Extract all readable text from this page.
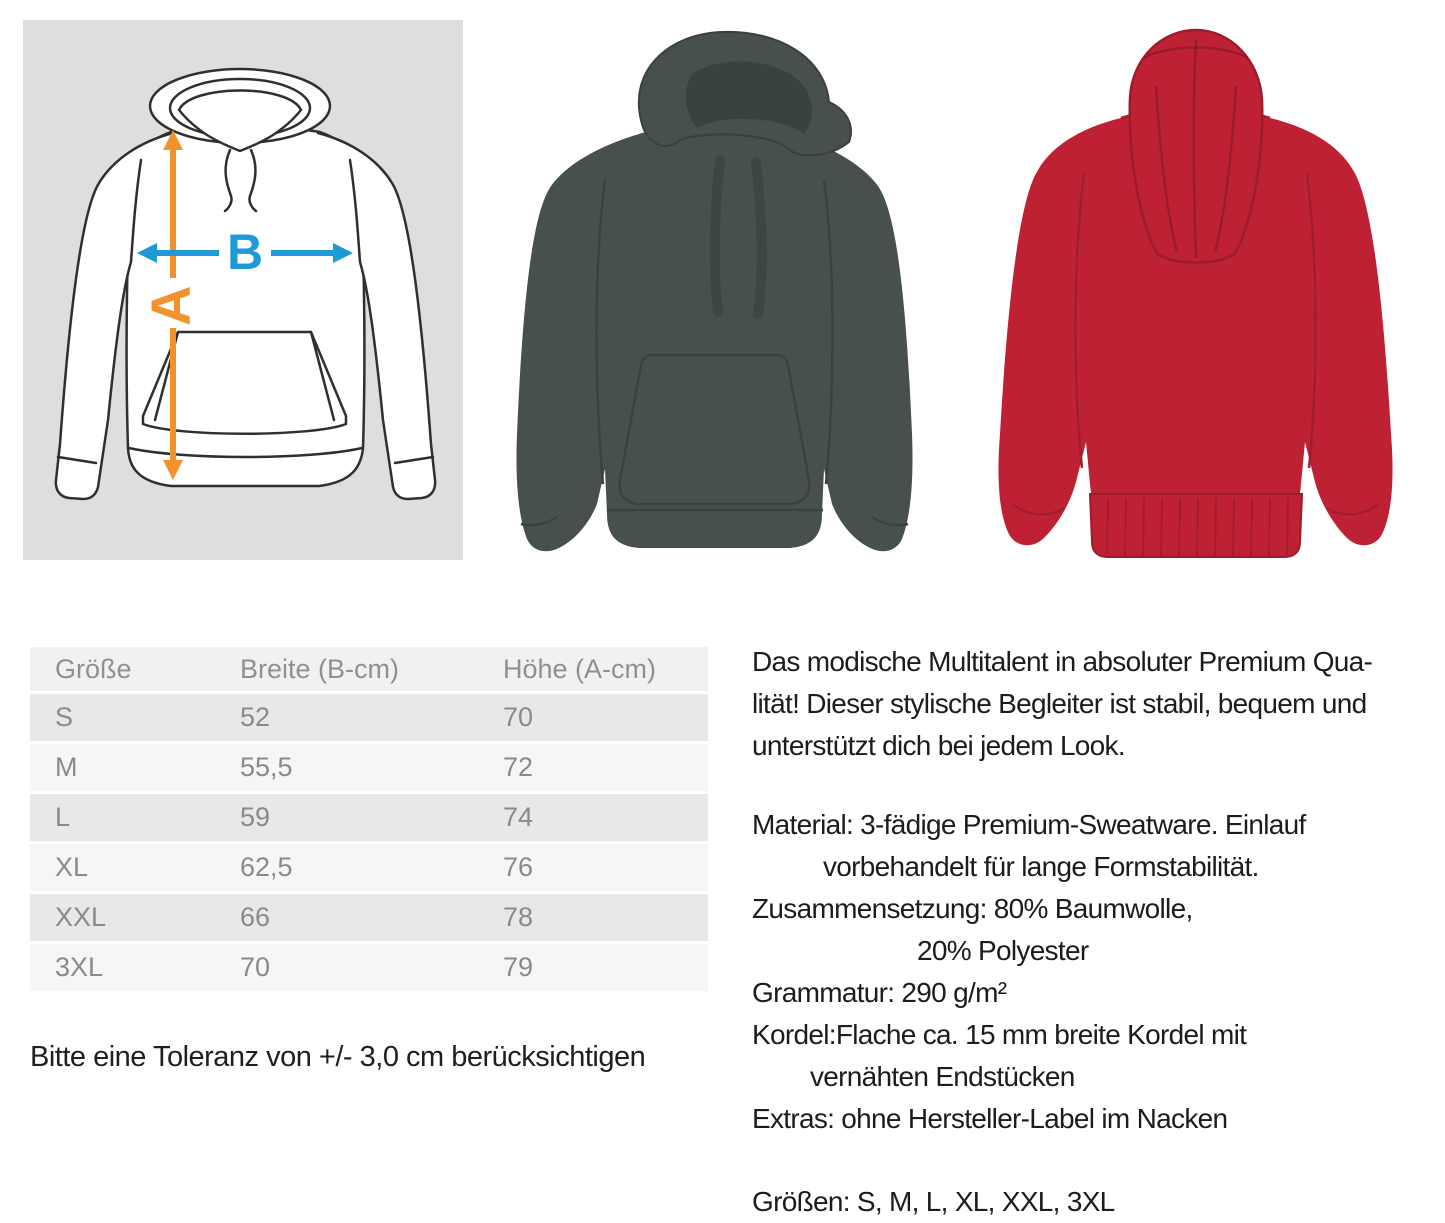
A
B
Größe	Breite (B-cm)	Höhe (A-cm)
S	52	70
M	55,5	72
L	59	74
XL	62,5	76
XXL	66	78
3XL	70	79
Bitte eine Toleranz von +/- 3,0 cm berücksichtigen
Das modische Multitalent in absoluter Premium Qua-
lität! Dieser stylische Begleiter ist stabil, bequem und
unterstützt dich bei jedem Look.
Material: 3-fädige Premium-Sweatware. Einlauf
vorbehandelt für lange Formstabilität.
Zusammensetzung: 80% Baumwolle,
20% Polyester
Grammatur: 290 g/m²
Kordel:Flache ca. 15 mm breite Kordel mit
vernähten Endstücken
Extras: ohne Hersteller-Label im Nacken
Größen: S, M, L, XL, XXL, 3XL
